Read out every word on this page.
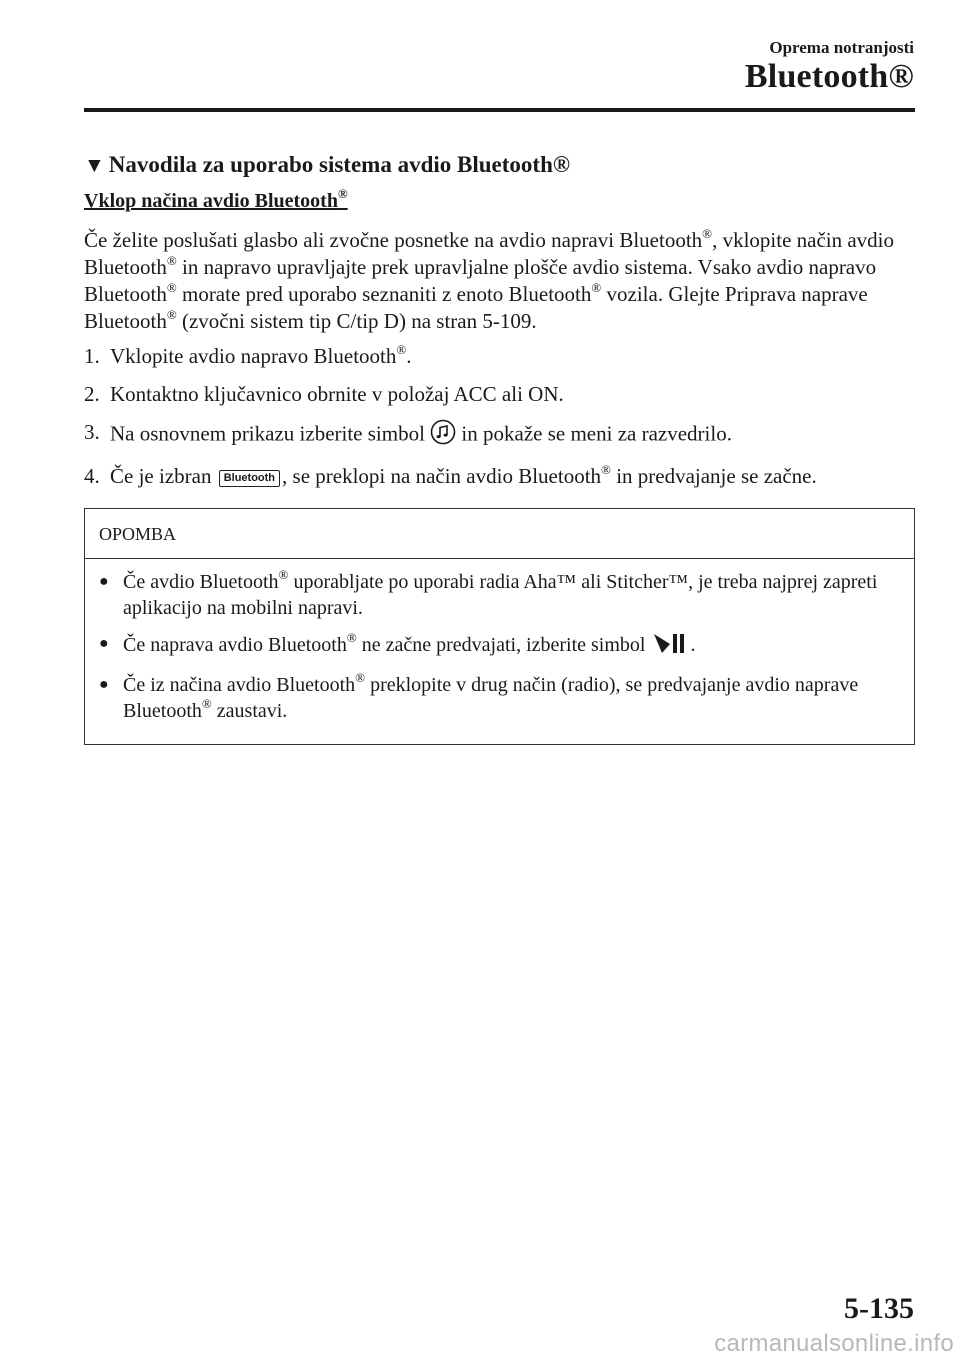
Oprema notranjosti
Bluetooth®
▼ Navodila za uporabo sistema avdio Bluetooth®
Vklop načina avdio Bluetooth®

Če želite poslušati glasbo ali zvočne posnetke na avdio napravi Bluetooth®, vklopite način avdio Bluetooth® in napravo upravljajte prek upravljalne plošče avdio sistema. Vsako avdio napravo Bluetooth® morate pred uporabo seznaniti z enoto Bluetooth® vozila. Glejte Priprava naprave Bluetooth® (zvočni sistem tip C/tip D) na stran 5-109.

1. Vklopite avdio napravo Bluetooth®.
2. Kontaktno ključavnico obrnite v položaj ACC ali ON.
3. Na osnovnem prikazu izberite simbol  in pokaže se meni za razvedrilo.
4. Če je izbran Bluetooth , se preklopi na način avdio Bluetooth® in predvajanje se začne.
OPOMBA
● Če avdio Bluetooth® uporabljate po uporabi radia Aha™ ali Stitcher™, je treba najprej zapreti aplikacijo na mobilni napravi.
● Če naprava avdio Bluetooth® ne začne predvajati, izberite simbol .
● Če iz načina avdio Bluetooth® preklopite v drug način (radio), se predvajanje avdio naprave Bluetooth® zaustavi.
5-135
carmanualsonline.info
